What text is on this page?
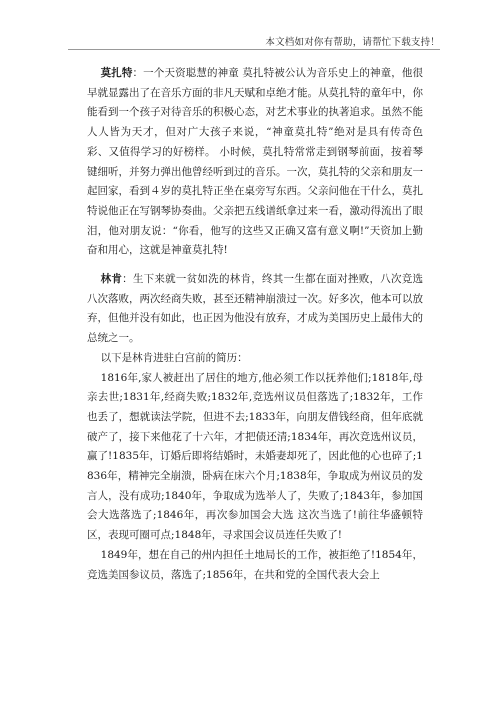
本文档如对你有帮助，请帮忙下载支持！

莫扎特：一个天资聪慧的神童 莫扎特被公认为音乐史上的神童，他很早就显露出了在音乐方面的非凡天赋和卓绝才能。从莫扎特的童年中，你能看到一个孩子对待音乐的积极心态，对艺术事业的执著追求。虽然不能人人皆为天才，但对广大孩子来说，“神童莫扎特”绝对是具有传奇色彩、又值得学习的好榜样。 小时候，莫扎特常常走到钢琴前面，按着琴键细听，并努力弹出他曾经听到过的音乐。一次，莫扎特的父亲和朋友一起回家，看到４岁的莫扎特正坐在桌旁写东西。父亲问他在干什么，莫扎特说他正在写钢琴协奏曲。父亲把五线谱纸拿过来一看，激动得流出了眼泪，他对朋友说：“你看，他写的这些又正确又富有意义啊!”天资加上勤奋和用心，这就是神童莫扎特!

林肯：生下来就一贫如洗的林肯，终其一生都在面对挫败，八次竞选八次落败，两次经商失败，甚至还精神崩溃过一次。好多次，他本可以放弃，但他并没有如此，也正因为他没有放弃，才成为美国历史上最伟大的总统之一。

以下是林肯进驻白宫前的简历：

1816年,家人被赶出了居住的地方,他必须工作以抚养他们;1818年,母亲去世;1831年,经商失败;1832年,竞选州议员但落选了;1832年，工作也丢了，想就读法学院，但进不去;1833年，向朋友借钱经商，但年底就破产了，接下来他花了十六年，才把债还清;1834年，再次竞选州议员，赢了!1835年，订婚后即将结婚时，未婚妻却死了，因此他的心也碎了;1836年，精神完全崩溃，卧病在床六个月;1838年，争取成为州议员的发言人，没有成功;1840年，争取成为选举人了，失败了;1843年，参加国会大选落选了;1846年，再次参加国会大选 这次当选了!前往华盛顿特区，表现可圈可点;1848年，寻求国会议员连任失败了!

1849年，想在自己的州内担任土地局长的工作，被拒绝了!1854年，竞选美国参议员，落选了;1856年，在共和党的全国代表大会上
